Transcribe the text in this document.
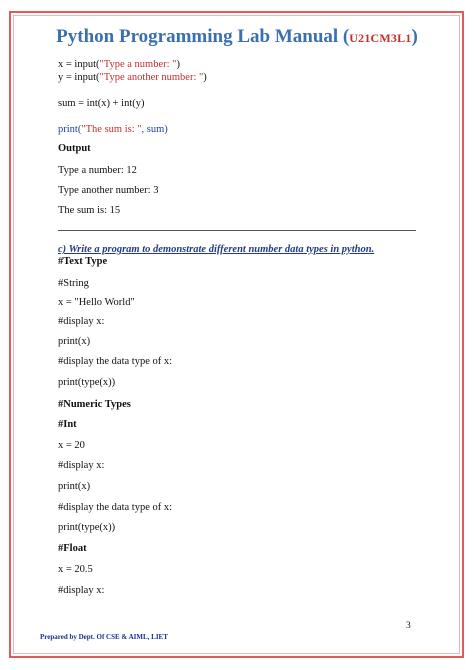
Python Programming Lab Manual (U21CM3L1)
x = input("Type a number: ")
y = input("Type another number: ")
sum = int(x) + int(y)
print("The sum is: ", sum)
Output
Type a number: 12
Type another number: 3
The sum is: 15
c) Write a program to demonstrate different number data types in python.
#Text Type
#String
x = "Hello World"
#display x:
print(x)
#display the data type of x:
print(type(x))
#Numeric Types
#Int
x = 20
#display x:
print(x)
#display the data type of x:
print(type(x))
#Float
x = 20.5
#display x:
3
Prepared by Dept. Of CSE & AIML, LIET
